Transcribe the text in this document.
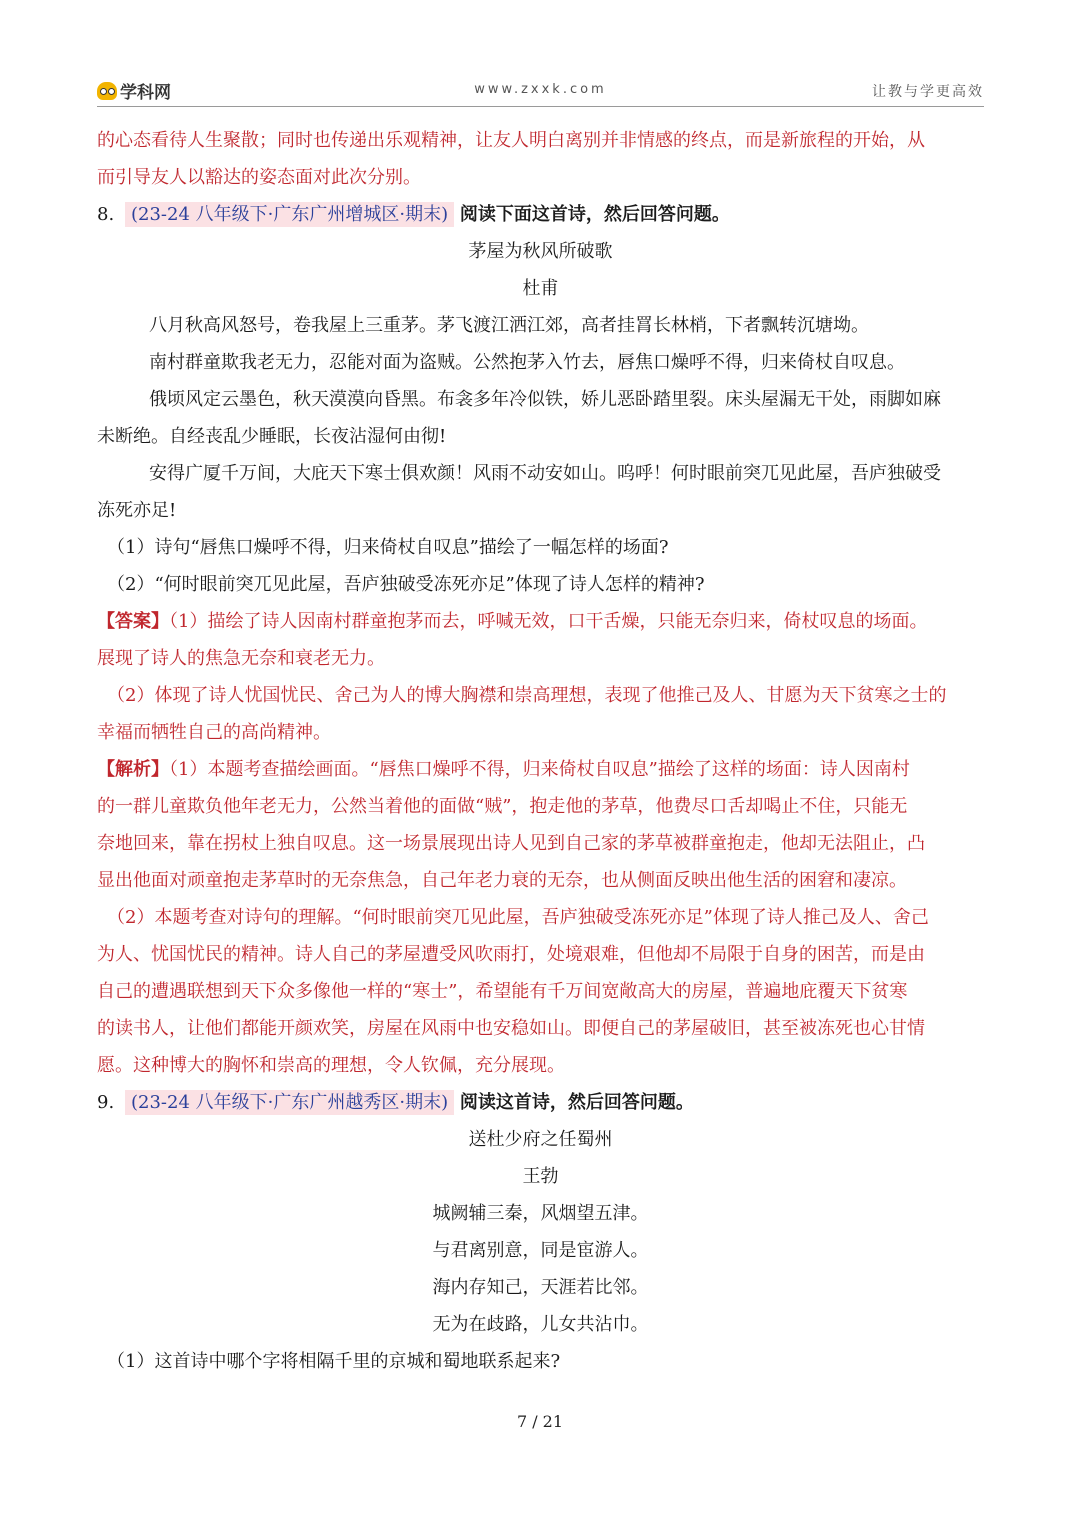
学科网	www.zxxk.com	让教与学更高效
的心态看待人生聚散；同时也传递出乐观精神，让友人明白离别并非情感的终点，而是新旅程的开始，从
而引导友人以豁达的姿态面对此次分别。
8. (23-24 八年级下·广东广州增城区·期末) 阅读下面这首诗，然后回答问题。
茅屋为秋风所破歌
杜甫
八月秋高风怒号，卷我屋上三重茅。茅飞渡江洒江郊，高者挂罥长林梢，下者飘转沉塘坳。
南村群童欺我老无力，忍能对面为盗贼。公然抱茅入竹去，唇焦口燥呼不得，归来倚杖自叹息。
俄顷风定云墨色，秋天漠漠向昏黑。布衾多年冷似铁，娇儿恶卧踏里裂。床头屋漏无干处，雨脚如麻
未断绝。自经丧乱少睡眠，长夜沾湿何由彻!
安得广厦千万间，大庇天下寒士俱欢颜！风雨不动安如山。呜呼！何时眼前突兀见此屋，吾庐独破受
冻死亦足!
（1）诗句“唇焦口燥呼不得，归来倚杖自叹息”描绘了一幅怎样的场面?
（2）“何时眼前突兀见此屋，吾庐独破受冻死亦足”体现了诗人怎样的精神?
【答案】（1）描绘了诗人因南村群童抱茅而去，呼喊无效，口干舌燥，只能无奈归来，倚杖叹息的场面。
展现了诗人的焦急无奈和衰老无力。
（2）体现了诗人忧国忧民、舍己为人的博大胸襟和崇高理想，表现了他推己及人、甘愿为天下贫寒之士的
幸福而牺牲自己的高尚精神。
【解析】（1）本题考查描绘画面。“唇焦口燥呼不得，归来倚杖自叹息”描绘了这样的场面：诗人因南村
的一群儿童欺负他年老无力，公然当着他的面做“贼”，抱走他的茅草，他费尽口舌却喝止不住，只能无
奈地回来，靠在拐杖上独自叹息。这一场景展现出诗人见到自己家的茅草被群童抱走，他却无法阻止，凸
显出他面对顽童抱走茅草时的无奈焦急，自己年老力衰的无奈，也从侧面反映出他生活的困窘和凄凉。
（2）本题考查对诗句的理解。“何时眼前突兀见此屋，吾庐独破受冻死亦足”体现了诗人推己及人、舍己
为人、忧国忧民的精神。诗人自己的茅屋遭受风吹雨打，处境艰难，但他却不局限于自身的困苦，而是由
自己的遭遇联想到天下众多像他一样的“寒士”，希望能有千万间宽敞高大的房屋，普遍地庇覆天下贫寒
的读书人，让他们都能开颜欢笑，房屋在风雨中也安稳如山。即便自己的茅屋破旧，甚至被冻死也心甘情
愿。这种博大的胸怀和崇高的理想，令人钦佩，充分展现。
9. (23-24 八年级下·广东广州越秀区·期末) 阅读这首诗，然后回答问题。
送杜少府之任蜀州
王勃
城阙辅三秦，风烟望五津。
与君离别意，同是宦游人。
海内存知己，天涯若比邻。
无为在歧路，儿女共沾巾。
（1）这首诗中哪个字将相隔千里的京城和蜀地联系起来?
7 / 21
